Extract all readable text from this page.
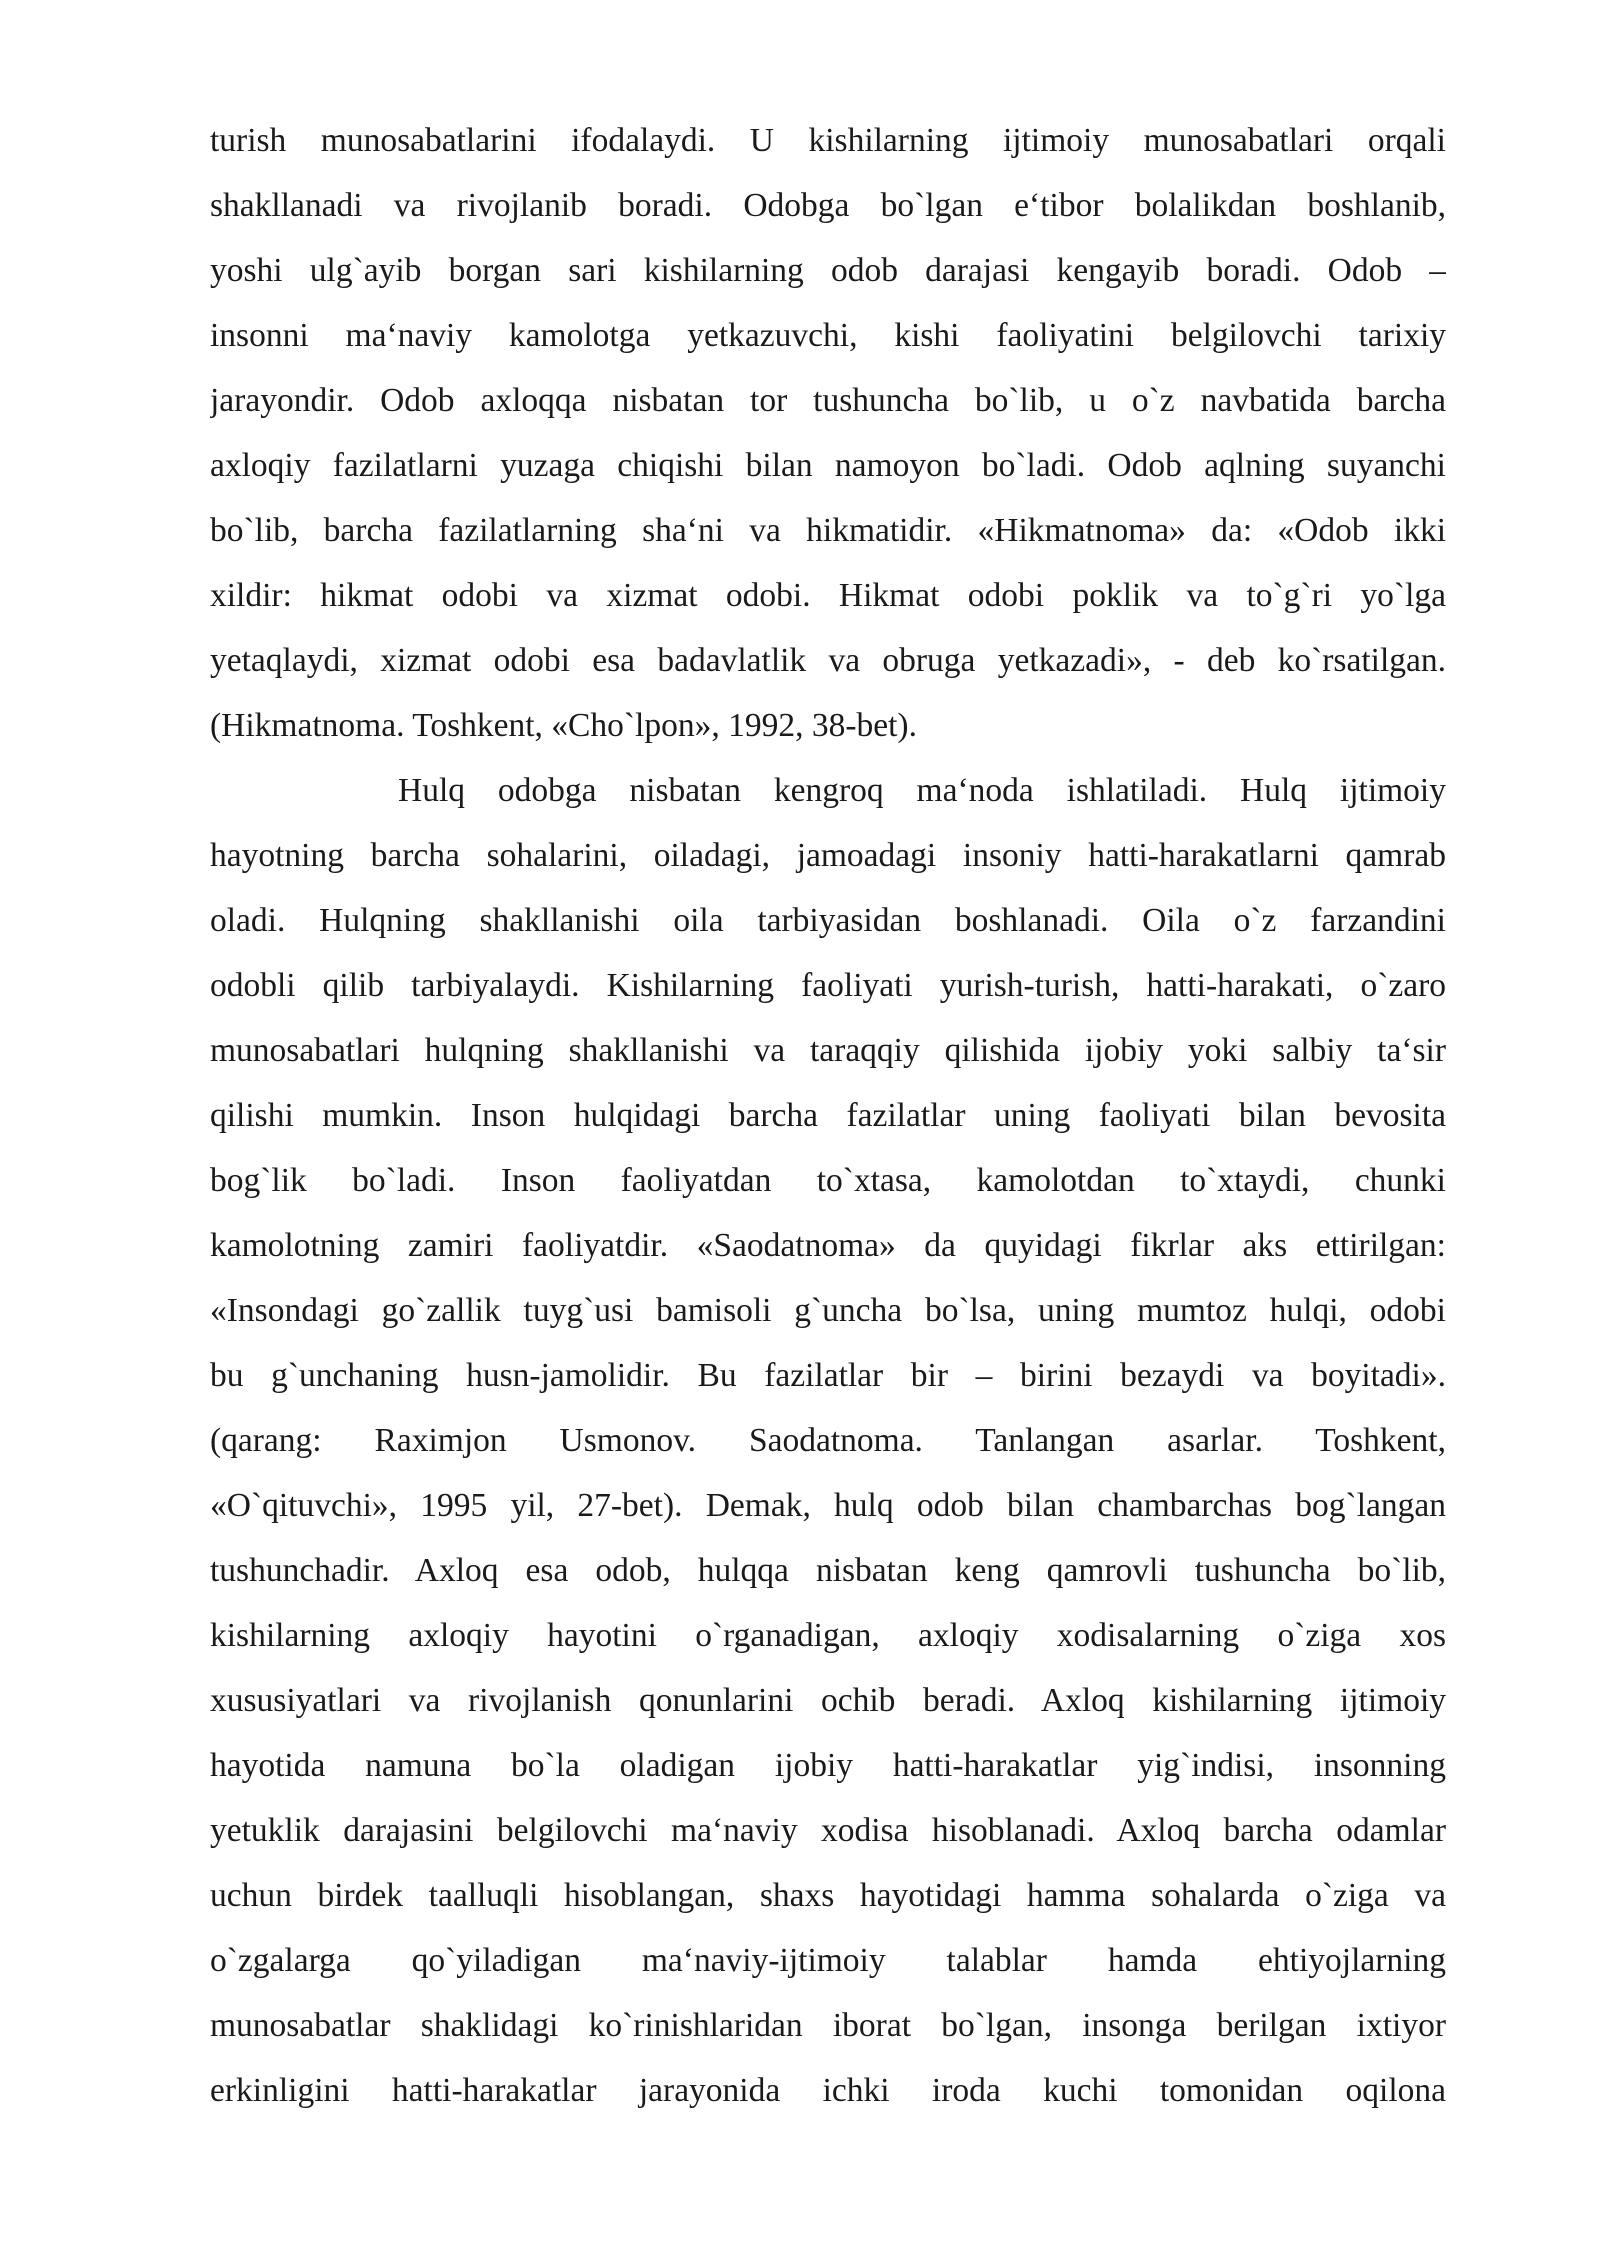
turish munosabatlarini ifodalaydi. U kishilarning ijtimoiy munosabatlari orqali
shakllanadi va rivojlanib boradi. Odobga bo`lgan e‘tibor bolalikdan boshlanib,
yoshi ulg`ayib borgan sari kishilarning odob darajasi kengayib boradi. Odob –
insonni ma‘naviy kamolotga yetkazuvchi, kishi faoliyatini belgilovchi tarixiy
jarayondir. Odob axloqqa nisbatan tor tushuncha bo`lib, u o`z navbatida barcha
axloqiy fazilatlarni yuzaga chiqishi bilan namoyon bo`ladi. Odob aqlning suyanchi
bo`lib, barcha fazilatlarning sha‘ni va hikmatidir. «Hikmatnoma» da: «Odob ikki
xildir: hikmat odobi va xizmat odobi. Hikmat odobi poklik va to`g`ri yo`lga
yetaqlaydi, xizmat odobi esa badavlatlik va obruga yetkazadi», - deb ko`rsatilgan.
(Hikmatnoma. Toshkent, «Cho`lpon», 1992, 38-bet).
Hulq odobga nisbatan kengroq ma‘noda ishlatiladi. Hulq ijtimoiy
hayotning barcha sohalarini, oiladagi, jamoadagi insoniy hatti-harakatlarni qamrab
oladi. Hulqning shakllanishi oila tarbiyasidan boshlanadi. Oila o`z farzandini
odobli qilib tarbiyalaydi. Kishilarning faoliyati yurish-turish, hatti-harakati, o`zaro
munosabatlari hulqning shakllanishi va taraqqiy qilishida ijobiy yoki salbiy ta‘sir
qilishi mumkin. Inson hulqidagi barcha fazilatlar uning faoliyati bilan bevosita
bog`lik bo`ladi. Inson faoliyatdan to`xtasa, kamolotdan to`xtaydi, chunki
kamolotning zamiri faoliyatdir. «Saodatnoma» da quyidagi fikrlar aks ettirilgan:
«Insondagi go`zallik tuyg`usi bamisoli g`uncha bo`lsa, uning mumtoz hulqi, odobi
bu g`unchaning husn-jamolidir. Bu fazilatlar bir – birini bezaydi va boyitadi».
(qarang: Raximjon Usmonov. Saodatnoma. Tanlangan asarlar. Toshkent,
«O`qituvchi», 1995 yil, 27-bet). Demak, hulq odob bilan chambarchas bog`langan
tushunchadir. Axloq esa odob, hulqqa nisbatan keng qamrovli tushuncha bo`lib,
kishilarning axloqiy hayotini o`rganadigan, axloqiy xodisalarning o`ziga xos
xususiyatlari va rivojlanish qonunlarini ochib beradi. Axloq kishilarning ijtimoiy
hayotida namuna bo`la oladigan ijobiy hatti-harakatlar yig`indisi, insonning
yetuklik darajasini belgilovchi ma‘naviy xodisa hisoblanadi. Axloq barcha odamlar
uchun birdek taalluqli hisoblangan, shaxs hayotidagi hamma sohalarda o`ziga va
o`zgalarga qo`yiladigan ma‘naviy-ijtimoiy talablar hamda ehtiyojlarning
munosabatlar shaklidagi ko`rinishlaridan iborat bo`lgan, insonga berilgan ixtiyor
erkinligini hatti-harakatlar jarayonida ichki iroda kuchi tomonidan oqilona
